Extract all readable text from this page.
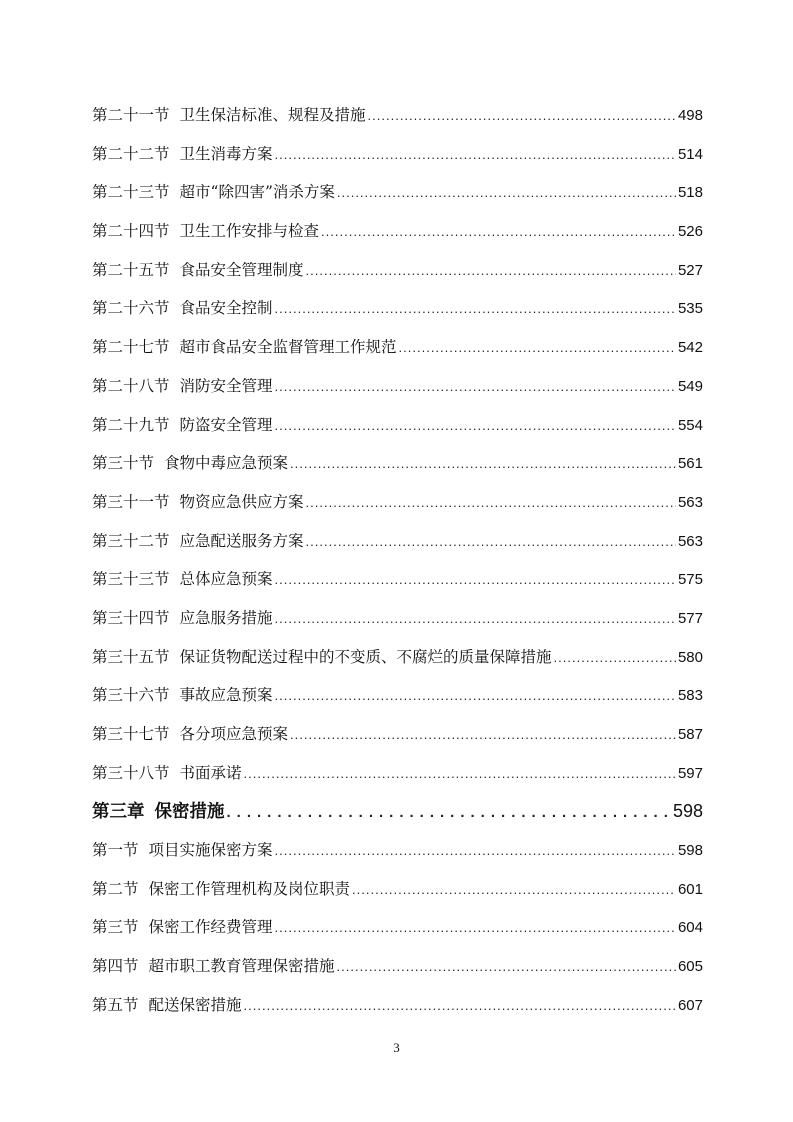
第二十一节 卫生保洁标准、规程及措施 .....	498
第二十二节 卫生消毒方案 .....	514
第二十三节 超市“除四害”消杀方案 .....	518
第二十四节 卫生工作安排与检查 .....	526
第二十五节 食品安全管理制度 .....	527
第二十六节 食品安全控制 .....	535
第二十七节 超市食品安全监督管理工作规范 .....	542
第二十八节 消防安全管理 .....	549
第二十九节 防盗安全管理 .....	554
第三十节 食物中毒应急预案 .....	561
第三十一节 物资应急供应方案 .....	563
第三十二节 应急配送服务方案 .....	563
第三十三节 总体应急预案 .....	575
第三十四节 应急服务措施 .....	577
第三十五节 保证货物配送过程中的不变质、不腐烂的质量保障措施 .....	580
第三十六节 事故应急预案 .....	583
第三十七节 各分项应急预案 .....	587
第三十八节 书面承诺 .....	597
第三章 保密措施 .....	598
第一节 项目实施保密方案 .....	598
第二节 保密工作管理机构及岗位职责 .....	601
第三节 保密工作经费管理 .....	604
第四节 超市职工教育管理保密措施 .....	605
第五节 配送保密措施 .....	607
3
